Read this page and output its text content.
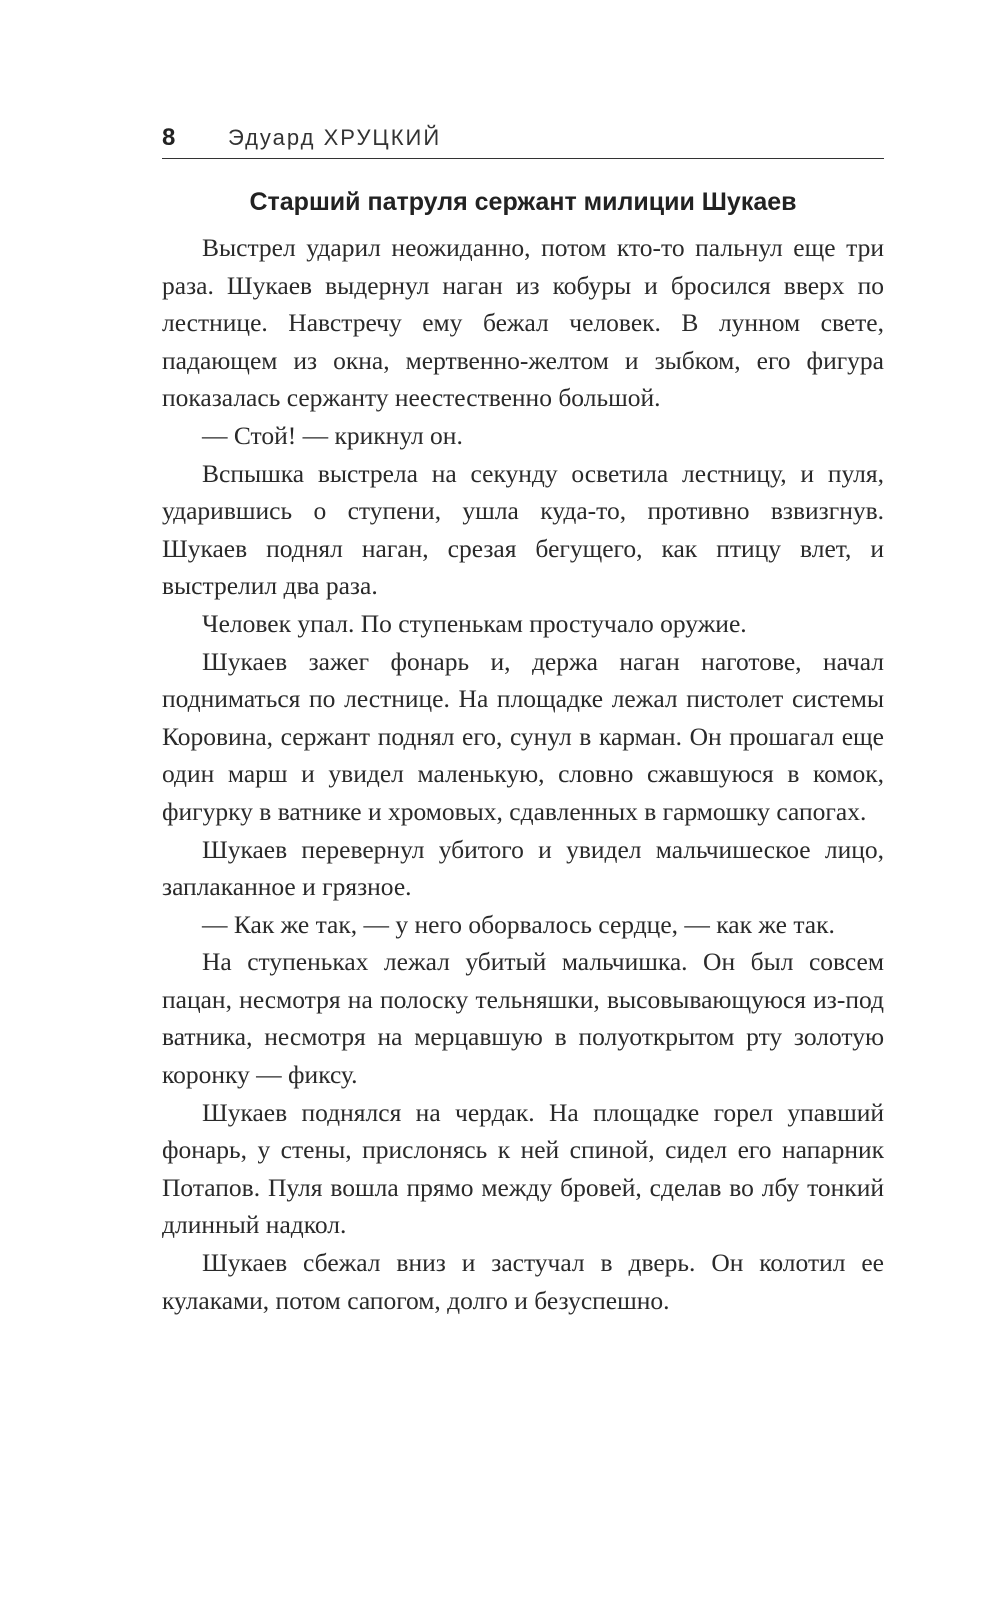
8	Эдуард ХРУЦКИЙ
Старший патруля сержант милиции Шукаев

Выстрел ударил неожиданно, потом кто-то пальнул еще три раза. Шукаев выдернул наган из кобуры и бросился вверх по лестнице. Навстречу ему бежал человек. В лунном свете, падающем из окна, мертвенно-желтом и зыбком, его фигура показалась сержанту неестественно большой.

— Стой! — крикнул он.

Вспышка выстрела на секунду осветила лестницу, и пуля, ударившись о ступени, ушла куда-то, противно взвизгнув. Шукаев поднял наган, срезая бегущего, как птицу влет, и выстрелил два раза.

Человек упал. По ступенькам простучало оружие.

Шукаев зажег фонарь и, держа наган наготове, начал подниматься по лестнице. На площадке лежал пистолет системы Коровина, сержант поднял его, сунул в карман. Он прошагал еще один марш и увидел маленькую, словно сжавшуюся в комок, фигурку в ватнике и хромовых, сдавленных в гармошку сапогах.

Шукаев перевернул убитого и увидел мальчишеское лицо, заплаканное и грязное.

— Как же так, — у него оборвалось сердце, — как же так.

На ступеньках лежал убитый мальчишка. Он был совсем пацан, несмотря на полоску тельняшки, высовывающуюся из-под ватника, несмотря на мерцавшую в полуоткрытом рту золотую коронку — фиксу.

Шукаев поднялся на чердак. На площадке горел упавший фонарь, у стены, прислонясь к ней спиной, сидел его напарник Потапов. Пуля вошла прямо между бровей, сделав во лбу тонкий длинный надкол.

Шукаев сбежал вниз и застучал в дверь. Он колотил ее кулаками, потом сапогом, долго и безуспешно.
